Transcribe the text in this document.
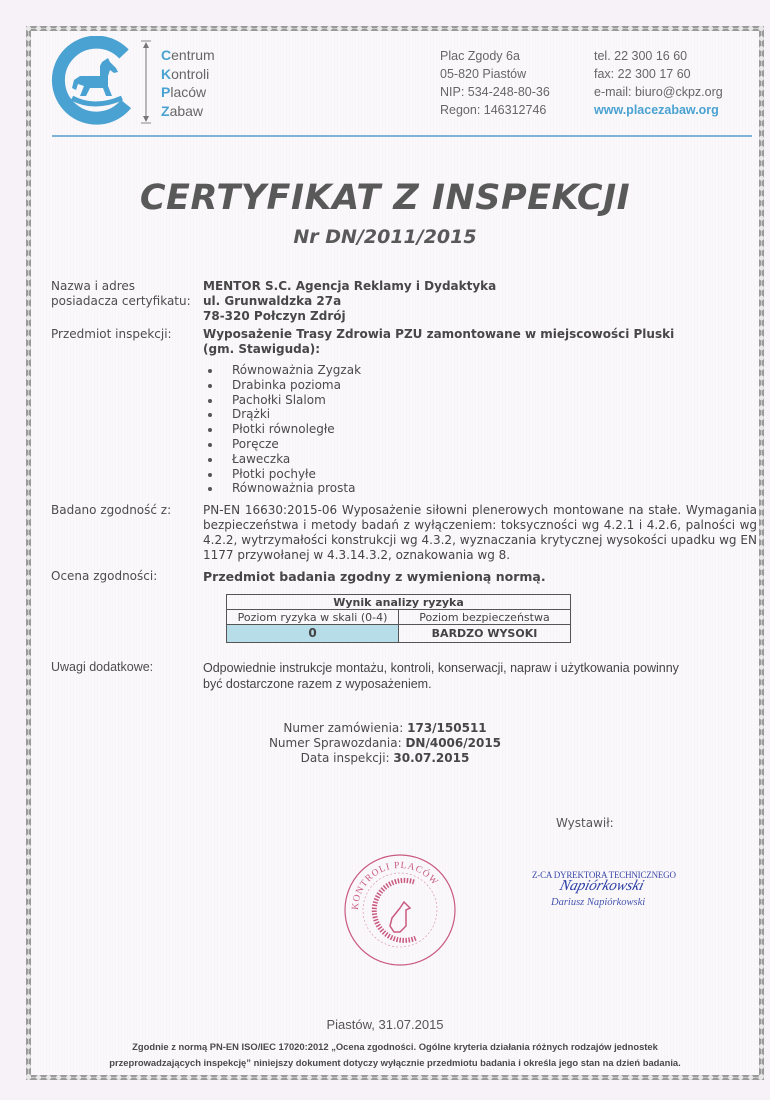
Centrum
Kontroli
Placów
Zabaw
Plac Zgody 6a
05-820 Piastów
NIP: 534-248-80-36
Regon: 146312746
tel. 22 300 16 60
fax: 22 300 17 60
e-mail: biuro@ckpz.org
www.placezabaw.org
CERTYFIKAT Z INSPEKCJI
Nr DN/2011/2015
Nazwa i adres
posiadacza certyfikatu:
MENTOR S.C. Agencja Reklamy i Dydaktyka
ul. Grunwaldzka 27a
78-320 Połczyn Zdrój
Przedmiot inspekcji:	Wyposażenie Trasy Zdrowia PZU zamontowane w miejscowości Pluski
(gm. Stawiguda):
Równoważnia Zygzak
Drabinka pozioma
Pachołki Slalom
Drążki
Płotki równoległe
Poręcze
Ławeczka
Płotki pochyłe
Równoważnia prosta
Badano zgodność z:	PN-EN 16630:2015-06 Wyposażenie siłowni plenerowych montowane na stałe. Wymagania bezpieczeństwa i metody badań z wyłączeniem: toksyczności wg 4.2.1 i 4.2.6, palności wg 4.2.2, wytrzymałości konstrukcji wg 4.3.2, wyznaczania krytycznej wysokości upadku wg EN 1177 przywołanej w 4.3.14.3.2, oznakowania wg 8.
Ocena zgodności:	Przedmiot badania zgodny z wymienioną normą.
Wynik analizy ryzyka	
Poziom ryzyka w skali (0-4)	Poziom bezpieczeństwa
0	BARDZO WYSOKI
Uwagi dodatkowe:	Odpowiednie instrukcje montażu, kontroli, konserwacji, napraw i użytkowania powinny
być dostarczone razem z wyposażeniem.
Numer zamówienia: 173/150511
Numer Sprawozdania: DN/4006/2015
Data inspekcji: 30.07.2015
Wystawił:
KONTROLI PLACÓW	Z-CA DYREKTORA TECHNICZNEGO
Napiórkowski
Dariusz Napiórkowski
Piastów, 31.07.2015
Zgodnie z normą PN-EN ISO/IEC 17020:2012 „Ocena zgodności. Ogólne kryteria działania różnych rodzajów jednostek
przeprowadzających inspekcję” niniejszy dokument dotyczy wyłącznie przedmiotu badania i określa jego stan na dzień badania.
